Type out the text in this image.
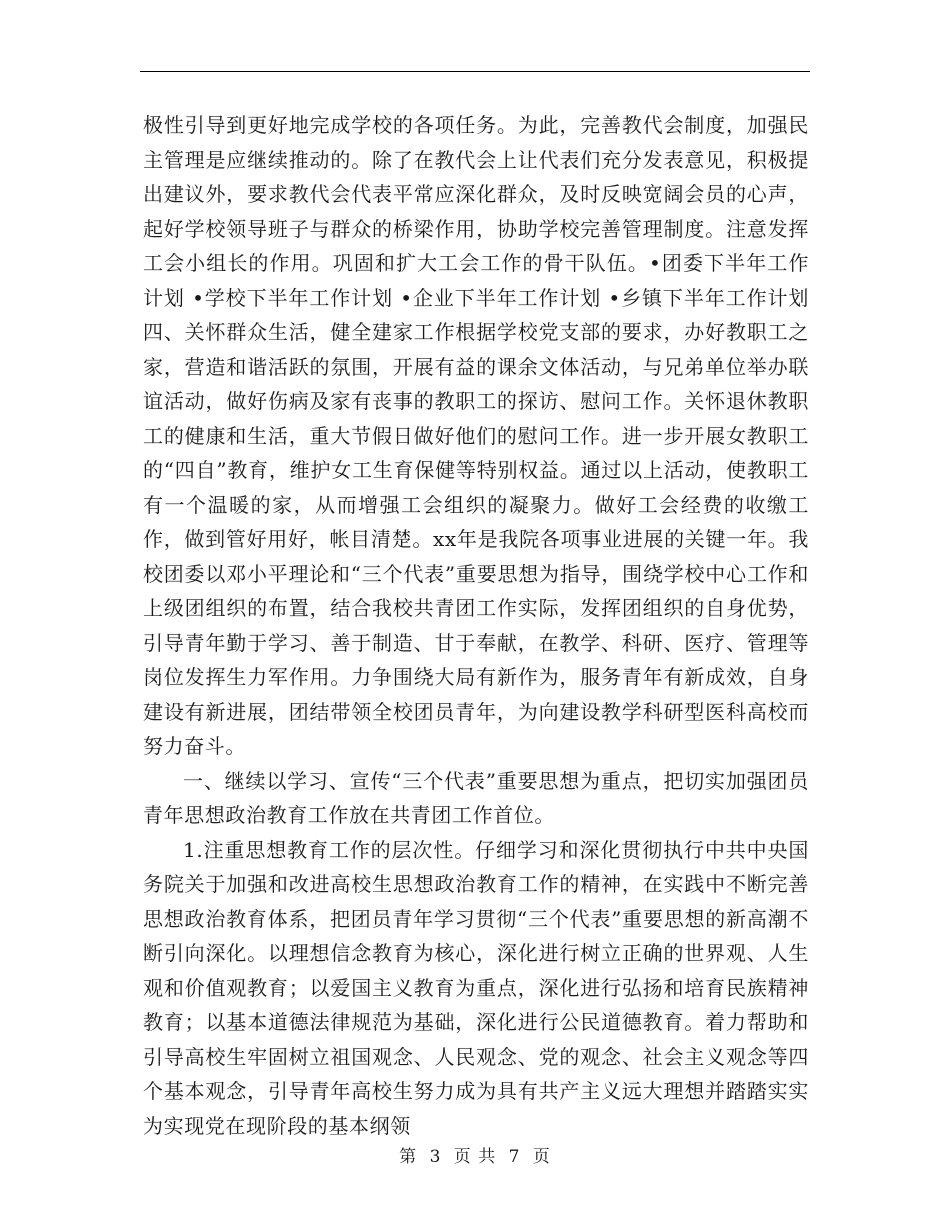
极性引导到更好地完成学校的各项任务。为此，完善教代会制度，加强民主管理是应继续推动的。除了在教代会上让代表们充分发表意见，积极提出建议外，要求教代会代表平常应深化群众，及时反映宽阔会员的心声，起好学校领导班子与群众的桥梁作用，协助学校完善管理制度。注意发挥工会小组长的作用。巩固和扩大工会工作的骨干队伍。•团委下半年工作计划 •学校下半年工作计划 •企业下半年工作计划 •乡镇下半年工作计划四、关怀群众生活，健全建家工作根据学校党支部的要求，办好教职工之家，营造和谐活跃的氛围，开展有益的课余文体活动，与兄弟单位举办联谊活动，做好伤病及家有丧事的教职工的探访、慰问工作。关怀退休教职工的健康和生活，重大节假日做好他们的慰问工作。进一步开展女教职工的“四自”教育，维护女工生育保健等特别权益。通过以上活动，使教职工有一个温暖的家，从而增强工会组织的凝聚力。做好工会经费的收缴工作，做到管好用好，帐目清楚。xx年是我院各项事业进展的关键一年。我校团委以邓小平理论和“三个代表”重要思想为指导，围绕学校中心工作和上级团组织的布置，结合我校共青团工作实际，发挥团组织的自身优势，引导青年勤于学习、善于制造、甘于奉献，在教学、科研、医疗、管理等岗位发挥生力军作用。力争围绕大局有新作为，服务青年有新成效，自身建设有新进展，团结带领全校团员青年，为向建设教学科研型医科高校而努力奋斗。

一、继续以学习、宣传“三个代表”重要思想为重点，把切实加强团员青年思想政治教育工作放在共青团工作首位。

1.注重思想教育工作的层次性。仔细学习和深化贯彻执行中共中央国务院关于加强和改进高校生思想政治教育工作的精神，在实践中不断完善思想政治教育体系，把团员青年学习贯彻“三个代表”重要思想的新高潮不断引向深化。以理想信念教育为核心，深化进行树立正确的世界观、人生观和价值观教育；以爱国主义教育为重点，深化进行弘扬和培育民族精神教育；以基本道德法律规范为基础，深化进行公民道德教育。着力帮助和引导高校生牢固树立祖国观念、人民观念、党的观念、社会主义观念等四个基本观念，引导青年高校生努力成为具有共产主义远大理想并踏踏实实为实现党在现阶段的基本纲领

第 3 页 共 7 页
